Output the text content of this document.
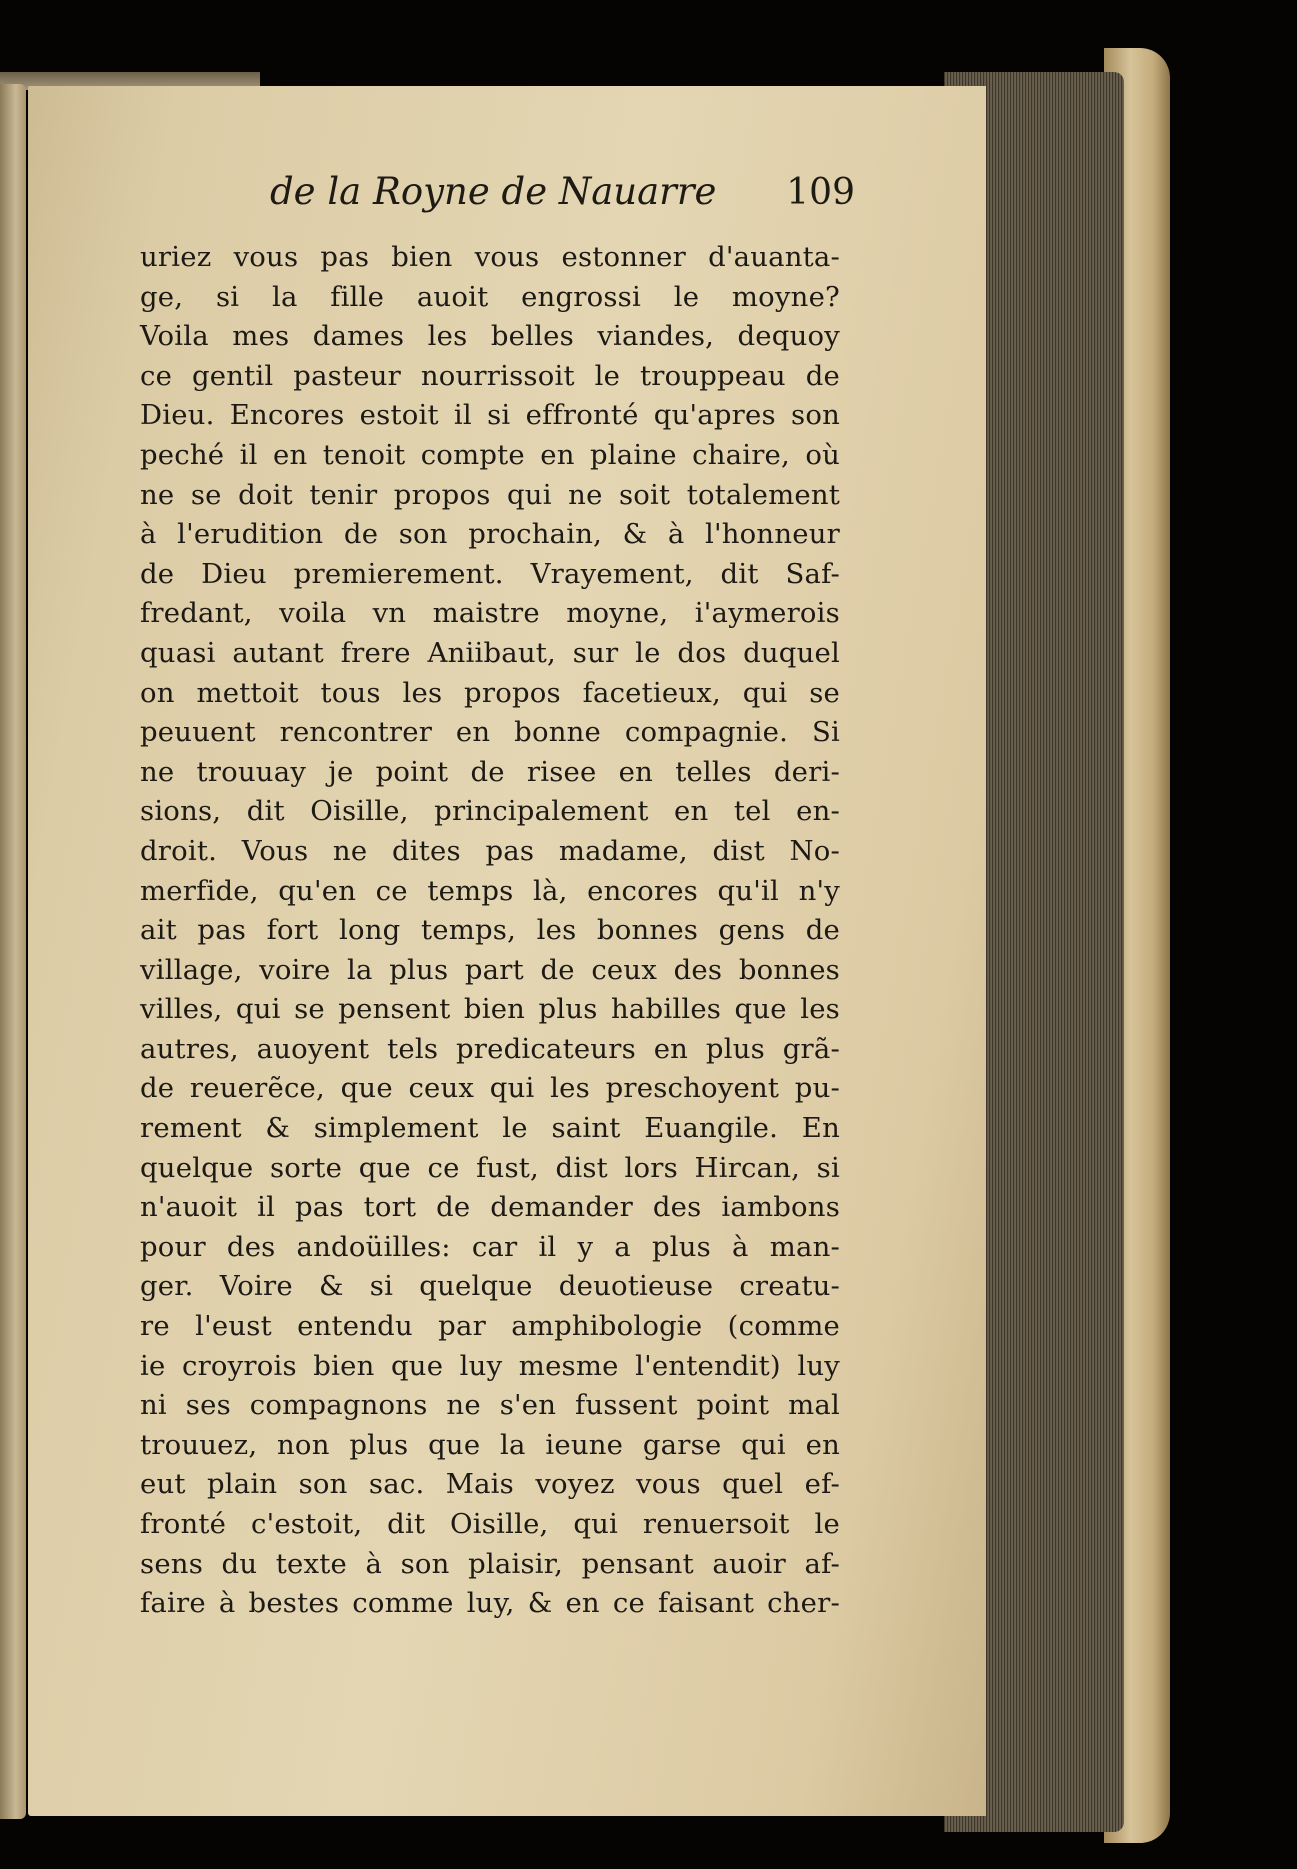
de la Royne de Nauarre	109
uriez vous pas bien vous estonner d'auanta-
ge, si la fille auoit engrossi le moyne?
Voila mes dames les belles viandes, dequoy
ce gentil pasteur nourrissoit le trouppeau de
Dieu. Encores estoit il si effronté qu'apres son
peché il en tenoit compte en plaine chaire, où
ne se doit tenir propos qui ne soit totalement
à l'erudition de son prochain, & à l'honneur
de Dieu premierement. Vrayement, dit Saf-
fredant, voila vn maistre moyne, i'aymerois
quasi autant frere Aniibaut, sur le dos duquel
on mettoit tous les propos facetieux, qui se
peuuent rencontrer en bonne compagnie. Si
ne trouuay je point de risee en telles deri-
sions, dit Oisille, principalement en tel en-
droit. Vous ne dites pas madame, dist No-
merfide, qu'en ce temps là, encores qu'il n'y
ait pas fort long temps, les bonnes gens de
village, voire la plus part de ceux des bonnes
villes, qui se pensent bien plus habilles que les
autres, auoyent tels predicateurs en plus grã-
de reuerẽce, que ceux qui les preschoyent pu-
rement & simplement le saint Euangile. En
quelque sorte que ce fust, dist lors Hircan, si
n'auoit il pas tort de demander des iambons
pour des andoüilles: car il y a plus à man-
ger. Voire & si quelque deuotieuse creatu-
re l'eust entendu par amphibologie (comme
ie croyrois bien que luy mesme l'entendit) luy
ni ses compagnons ne s'en fussent point mal
trouuez, non plus que la ieune garse qui en
eut plain son sac. Mais voyez vous quel ef-
fronté c'estoit, dit Oisille, qui renuersoit le
sens du texte à son plaisir, pensant auoir af-
faire à bestes comme luy, & en ce faisant cher-
